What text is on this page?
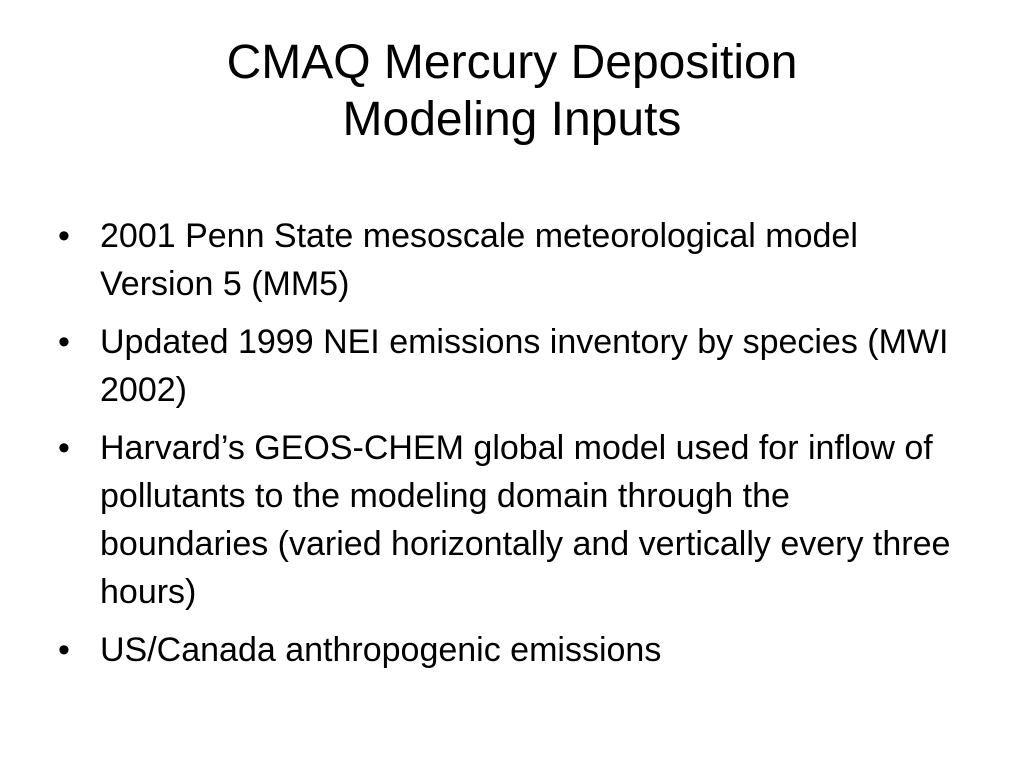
CMAQ Mercury Deposition
Modeling Inputs
• 2001 Penn State mesoscale meteorological model Version 5 (MM5)
• Updated 1999 NEI emissions inventory by species (MWI 2002)
• Harvard’s GEOS-CHEM global model used for inflow of pollutants to the modeling domain through the boundaries (varied horizontally and vertically every three hours)
• US/Canada anthropogenic emissions
